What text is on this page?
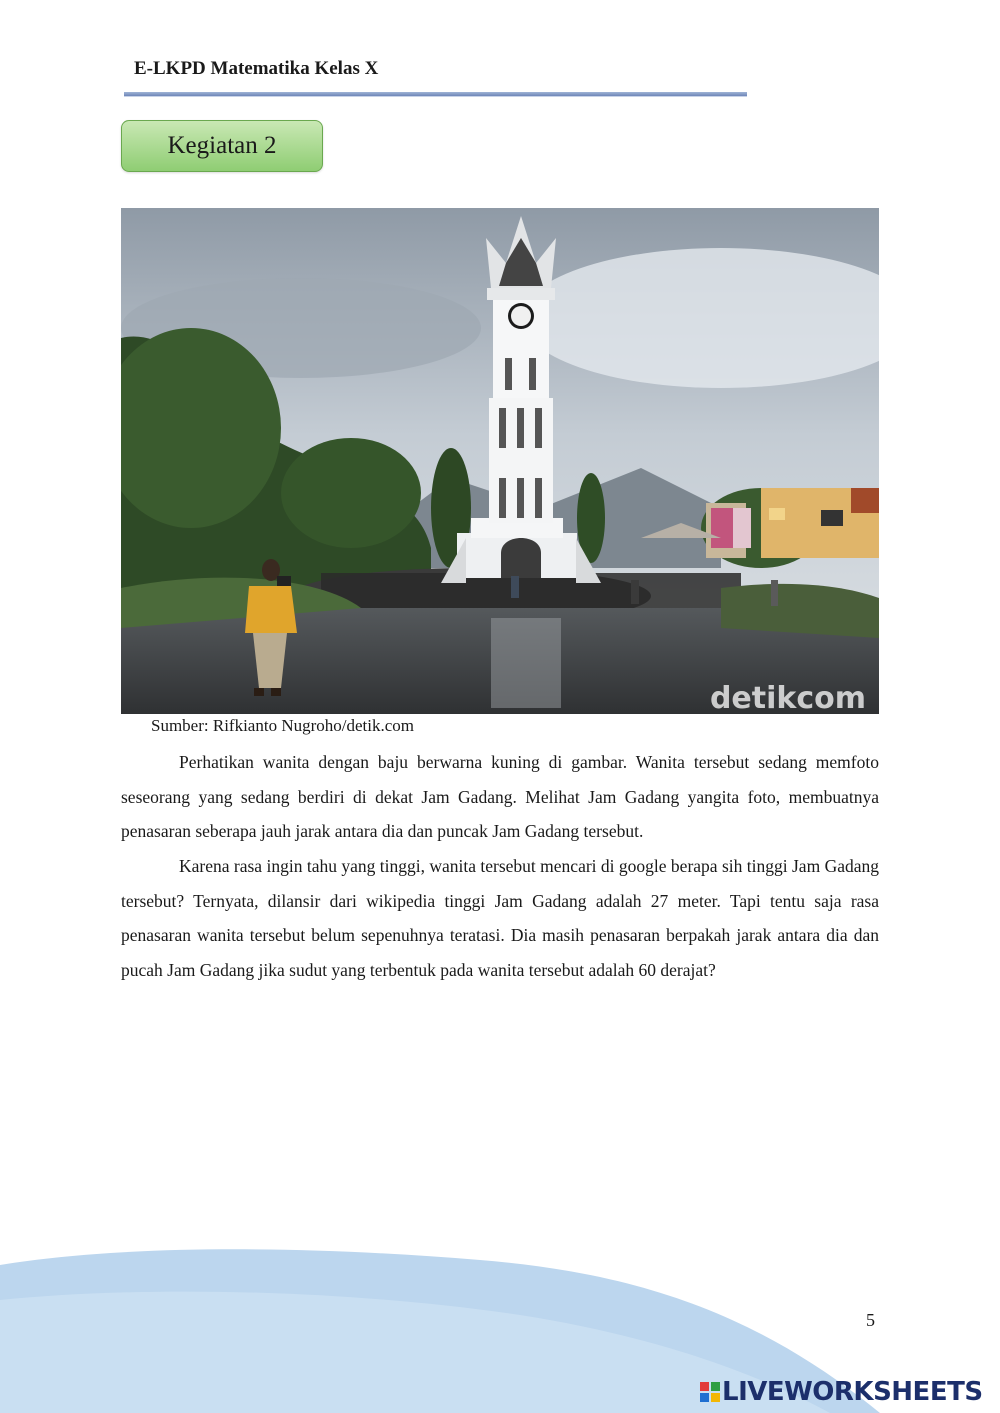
E-LKPD Matematika Kelas X
Kegiatan 2
detikcom
Sumber: Rifkianto Nugroho/detik.com

Perhatikan wanita dengan baju berwarna kuning di gambar. Wanita tersebut sedang memfoto seseorang yang sedang berdiri di dekat Jam Gadang. Melihat Jam Gadang yangita foto, membuatnya penasaran seberapa jauh jarak antara dia dan puncak Jam Gadang tersebut.

Karena rasa ingin tahu yang tinggi, wanita tersebut mencari di google berapa sih tinggi Jam Gadang tersebut? Ternyata, dilansir dari wikipedia tinggi Jam Gadang adalah 27 meter. Tapi tentu saja rasa penasaran wanita tersebut belum sepenuhnya teratasi. Dia masih penasaran berpakah jarak antara dia dan pucah Jam Gadang jika sudut yang terbentuk pada wanita tersebut adalah 60 derajat?

5
LIVEWORKSHEETS
